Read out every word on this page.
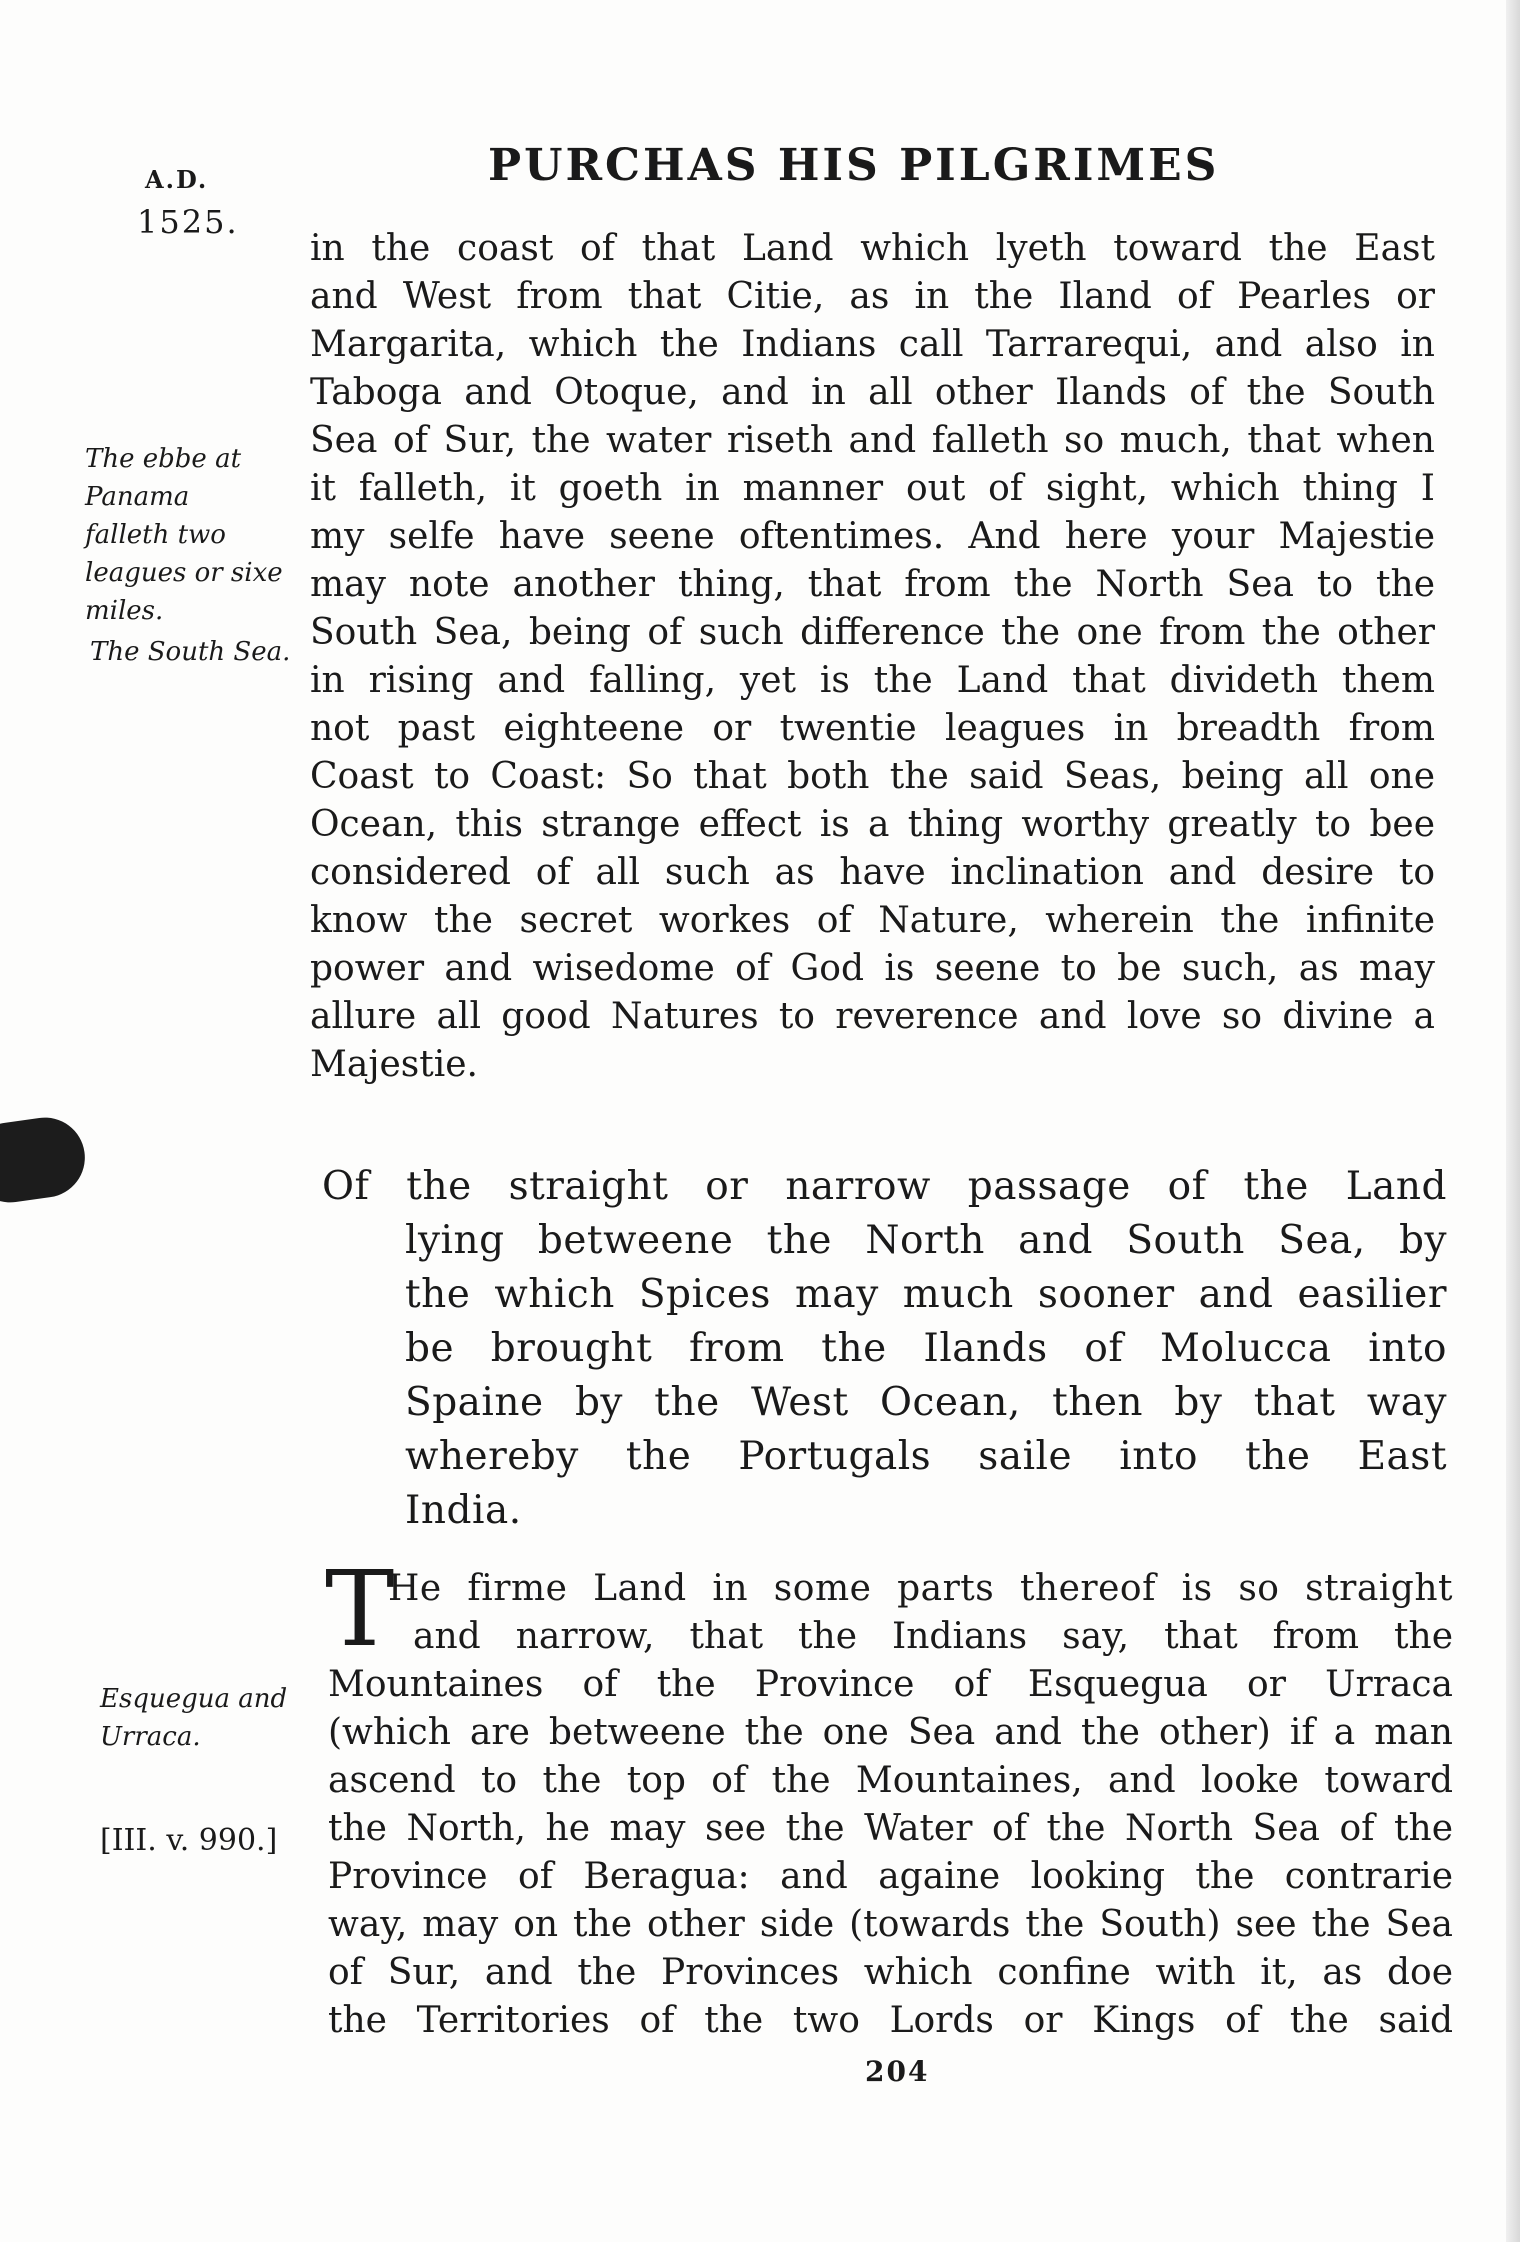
A.D.
1525.
PURCHAS HIS PILGRIMES
The ebbe at
Panama
falleth two
leagues or sixe
miles.
The South Sea.
Esquegua and
Urraca.
[III. v. 990.]
in the coast of that Land which lyeth toward the East
and West from that Citie, as in the Iland of Pearles or
Margarita, which the Indians call Tarrarequi, and also in
Taboga and Otoque, and in all other Ilands of the South
Sea of Sur, the water riseth and falleth so much, that when
it falleth, it goeth in manner out of sight, which thing I
my selfe have seene oftentimes. And here your Majestie
may note another thing, that from the North Sea to the
South Sea, being of such difference the one from the other
in rising and falling, yet is the Land that divideth them
not past eighteene or twentie leagues in breadth from
Coast to Coast: So that both the said Seas, being all one
Ocean, this strange effect is a thing worthy greatly to bee
considered of all such as have inclination and desire to
know the secret workes of Nature, wherein the infinite
power and wisedome of God is seene to be such, as may
allure all good Natures to reverence and love so divine a
Majestie.
Of the straight or narrow passage of the Land
lying betweene the North and South Sea, by
the which Spices may much sooner and easilier
be brought from the Ilands of Molucca into
Spaine by the West Ocean, then by that way
whereby the Portugals saile into the East
India.
T
He firme Land in some parts thereof is so straight
and narrow, that the Indians say, that from the
Mountaines of the Province of Esquegua or Urraca
(which are betweene the one Sea and the other) if a man
ascend to the top of the Mountaines, and looke toward
the North, he may see the Water of the North Sea of the
Province of Beragua: and againe looking the contrarie
way, may on the other side (towards the South) see the Sea
of Sur, and the Provinces which confine with it, as doe
the Territories of the two Lords or Kings of the said
204
